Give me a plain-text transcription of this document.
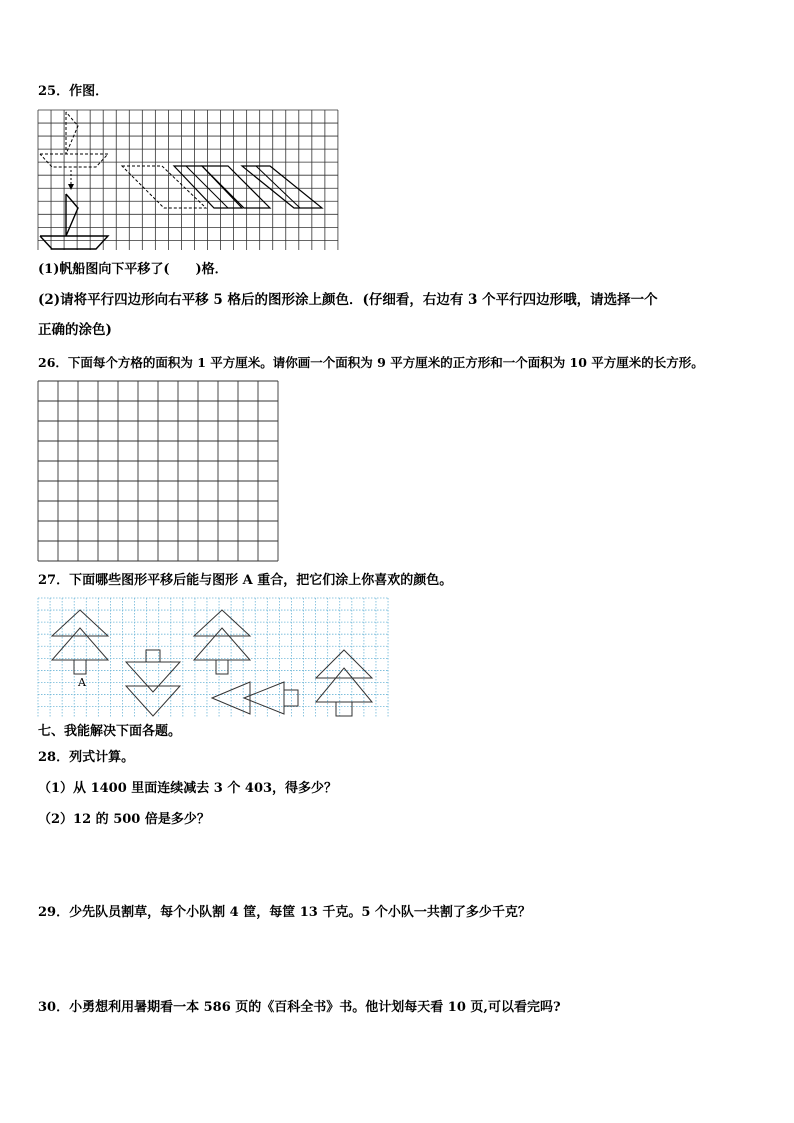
25．作图．
(1)帆船图向下平移了( )格．
(2)请将平行四边形向右平移 5 格后的图形涂上颜色．(仔细看，右边有 3 个平行四边形哦，请选择一个
正确的涂色)
26．下面每个方格的面积为 1 平方厘米。请你画一个面积为 9 平方厘米的正方形和一个面积为 10 平方厘米的长方形。
27．下面哪些图形平移后能与图形 A 重合，把它们涂上你喜欢的颜色。
A
七、我能解决下面各题。
28．列式计算。
（1）从 1400 里面连续减去 3 个 403，得多少？
（2）12 的 500 倍是多少？
29．少先队员割草，每个小队割 4 筐，每筐 13 千克。5 个小队一共割了多少千克？
30．小勇想利用暑期看一本 586 页的《百科全书》书。他计划每天看 10 页,可以看完吗?
